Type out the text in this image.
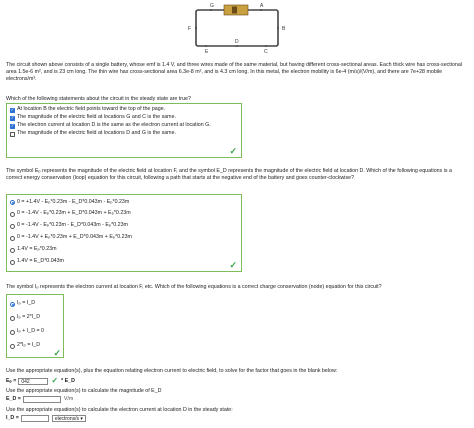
G	A
F	B
D
E	C
The circuit shown above consists of a single battery, whose emf is 1.4 V, and three wires made of the same material, but having different cross-sectional areas. Each thick wire has cross-sectional area 1.5e-6 m², and is 23 cm long. The thin wire has cross-sectional area 6.3e-8 m², and is 4.3 cm long. In this metal, the electron mobility is 6e-4 (m/s)/(V/m), and there are 7e+28 mobile electrons/m³.
Which of the following statements about the circuit in the steady state are true?
✓ At location B the electric field points toward the top of the page.
✓ The magnitude of the electric field at locations G and C is the same.
✓ The electron current at location D is the same as the electron current at location G.
The magnitude of the electric field at locations D and G is the same.
✓
The symbol Eₚ represents the magnitude of the electric field at location F, and the symbol E_D represents the magnitude of the electric field at location D. Which of the following equations is a correct energy conservation (loop) equation for this circuit, following a path that starts at the negative end of the battery and goes counter-clockwise?
0 = +1.4V - Eₚ*0.23m - E_D*0.043m - Eₚ*0.23m
0 = -1.4V - Eₚ*0.23m + E_D*0.043m + Eₚ*0.23m
0 = -1.4V - Eₚ*0.23m - E_D*0.043m - Eₚ*0.23m
0 = -1.4V + Eₚ*0.23m + E_D*0.043m + Eₚ*0.23m
1.4V = Eₚ*0.23m
1.4V = E_D*0.043m	✓
The symbol Iₚ represents the electron current at location F, etc. Which of the following equations is a correct charge conservation (node) equation for this circuit?
Iₚ = I_D
Iₚ = 2*I_D
Iₚ + I_D = 0
2*Iₚ = I_D
✓
Use the appropriate equation(s), plus the equation relating electron current to electric field, to solve for the factor that goes in the blank below:
Eₚ =	042	✓ * E_D
Use the appropriate equation(s) to calculate the magnitude of E_D
E_D =	V/m
Use the appropriate equation(s) to calculate the electron current at location D in the steady state:
I_D =	electrons/s ▾
